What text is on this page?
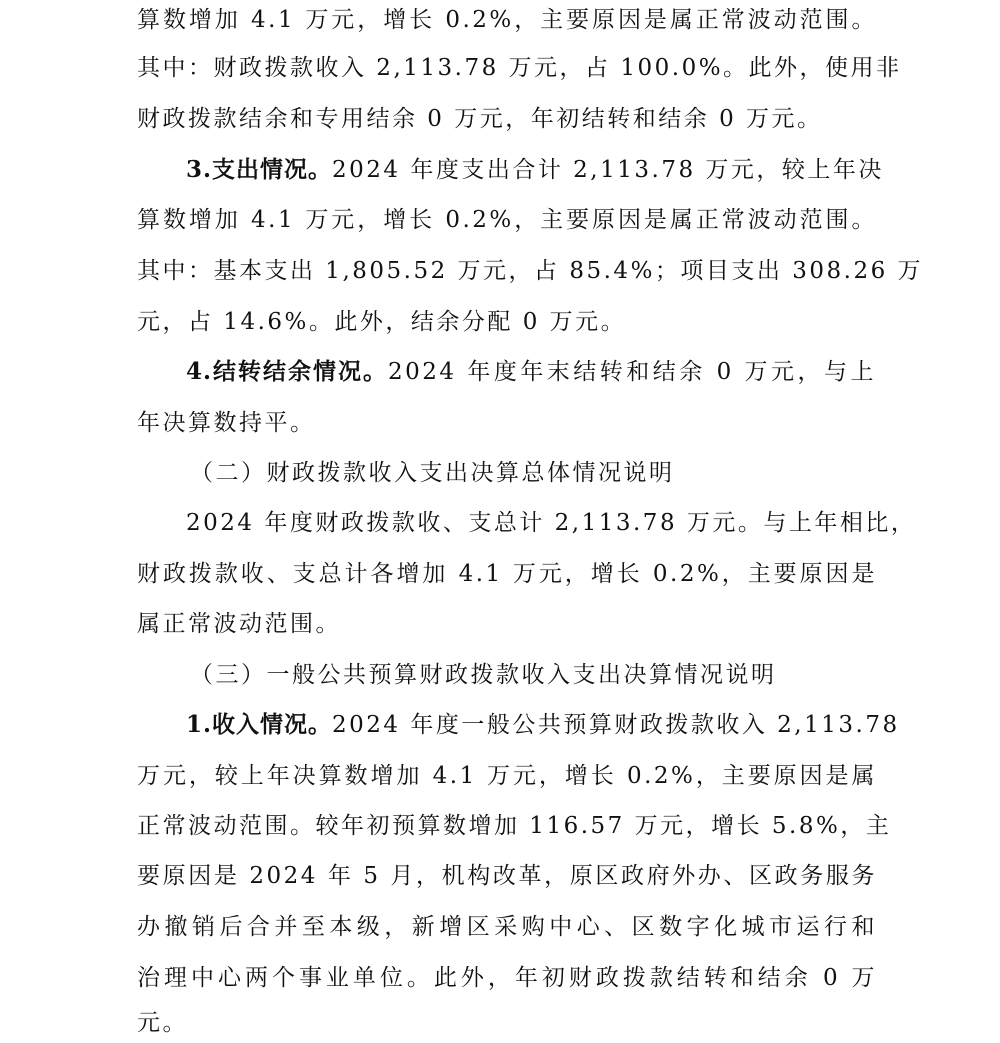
算数增加 4.1 万元，增长 0.2%，主要原因是属正常波动范围。
其中：财政拨款收入 2,113.78 万元，占 100.0%。此外，使用非
财政拨款结余和专用结余 0 万元，年初结转和结余 0 万元。
3.支出情况。2024 年度支出合计 2,113.78 万元，较上年决
算数增加 4.1 万元，增长 0.2%，主要原因是属正常波动范围。
其中：基本支出 1,805.52 万元，占 85.4%；项目支出 308.26 万
元，占 14.6%。此外，结余分配 0 万元。
4.结转结余情况。2024 年度年末结转和结余 0 万元，与上
年决算数持平。
（二）财政拨款收入支出决算总体情况说明
2024 年度财政拨款收、支总计 2,113.78 万元。与上年相比，
财政拨款收、支总计各增加 4.1 万元，增长 0.2%，主要原因是
属正常波动范围。
（三）一般公共预算财政拨款收入支出决算情况说明
1.收入情况。2024 年度一般公共预算财政拨款收入 2,113.78
万元，较上年决算数增加 4.1 万元，增长 0.2%，主要原因是属
正常波动范围。较年初预算数增加 116.57 万元，增长 5.8%，主
要原因是 2024 年 5 月，机构改革，原区政府外办、区政务服务
办撤销后合并至本级，新增区采购中心、区数字化城市运行和
治理中心两个事业单位。此外，年初财政拨款结转和结余 0 万
元。
